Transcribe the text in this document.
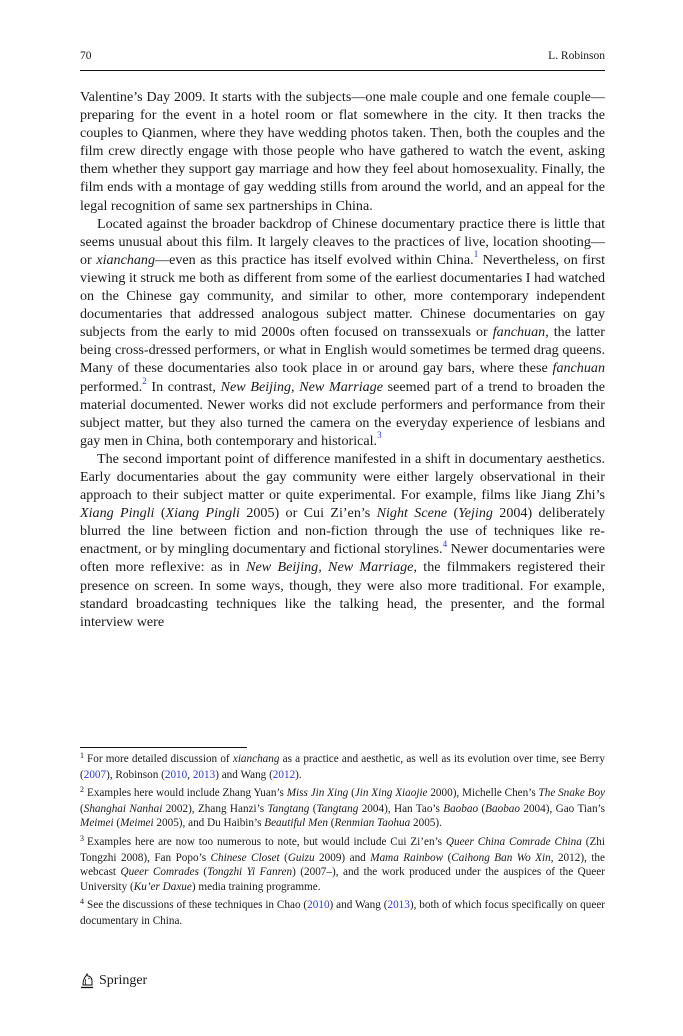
70	L. Robinson

Valentine’s Day 2009. It starts with the subjects—one male couple and one female couple—preparing for the event in a hotel room or flat somewhere in the city. It then tracks the couples to Qianmen, where they have wedding photos taken. Then, both the couples and the film crew directly engage with those people who have gathered to watch the event, asking them whether they support gay marriage and how they feel about homosexuality. Finally, the film ends with a montage of gay wedding stills from around the world, and an appeal for the legal recognition of same sex partnerships in China.

Located against the broader backdrop of Chinese documentary practice there is little that seems unusual about this film. It largely cleaves to the practices of live, location shooting—or xianchang—even as this practice has itself evolved within China.$^1$ Nevertheless, on first viewing it struck me both as different from some of the earliest documentaries I had watched on the Chinese gay community, and similar to other, more contemporary independent documentaries that addressed analogous subject matter. Chinese documentaries on gay subjects from the early to mid 2000s often focused on transsexuals or fanchuan, the latter being cross-dressed performers, or what in English would sometimes be termed drag queens. Many of these documentaries also took place in or around gay bars, where these fanchuan performed.$^2$ In contrast, New Beijing, New Marriage seemed part of a trend to broaden the material documented. Newer works did not exclude performers and performance from their subject matter, but they also turned the camera on the everyday experience of lesbians and gay men in China, both contemporary and historical.$^3$

The second important point of difference manifested in a shift in documentary aesthetics. Early documentaries about the gay community were either largely observational in their approach to their subject matter or quite experimental. For example, films like Jiang Zhi’s Xiang Pingli (Xiang Pingli 2005) or Cui Zi’en’s Night Scene (Yejing 2004) deliberately blurred the line between fiction and non-fiction through the use of techniques like re-enactment, or by mingling documentary and fictional storylines.$^4$ Newer documentaries were often more reflexive: as in New Beijing, New Marriage, the filmmakers registered their presence on screen. In some ways, though, they were also more traditional. For example, standard broadcasting techniques like the talking head, the presenter, and the formal interview were

$^1$ For more detailed discussion of xianchang as a practice and aesthetic, as well as its evolution over time, see Berry (2007), Robinson (2010, 2013) and Wang (2012).
$^2$ Examples here would include Zhang Yuan’s Miss Jin Xing (Jin Xing Xiaojie 2000), Michelle Chen’s The Snake Boy (Shanghai Nanhai 2002), Zhang Hanzi’s Tangtang (Tangtang 2004), Han Tao’s Baobao (Baobao 2004), Gao Tian’s Meimei (Meimei 2005), and Du Haibin’s Beautiful Men (Renmian Taohua 2005).
$^3$ Examples here are now too numerous to note, but would include Cui Zi’en’s Queer China Comrade China (Zhi Tongzhi 2008), Fan Popo’s Chinese Closet (Guizu 2009) and Mama Rainbow (Caihong Ban Wo Xin, 2012), the webcast Queer Comrades (Tongzhi Yi Fanren) (2007–), and the work produced under the auspices of the Queer University (Ku’er Daxue) media training programme.
$^4$ See the discussions of these techniques in Chao (2010) and Wang (2013), both of which focus specifically on queer documentary in China.
Springer
